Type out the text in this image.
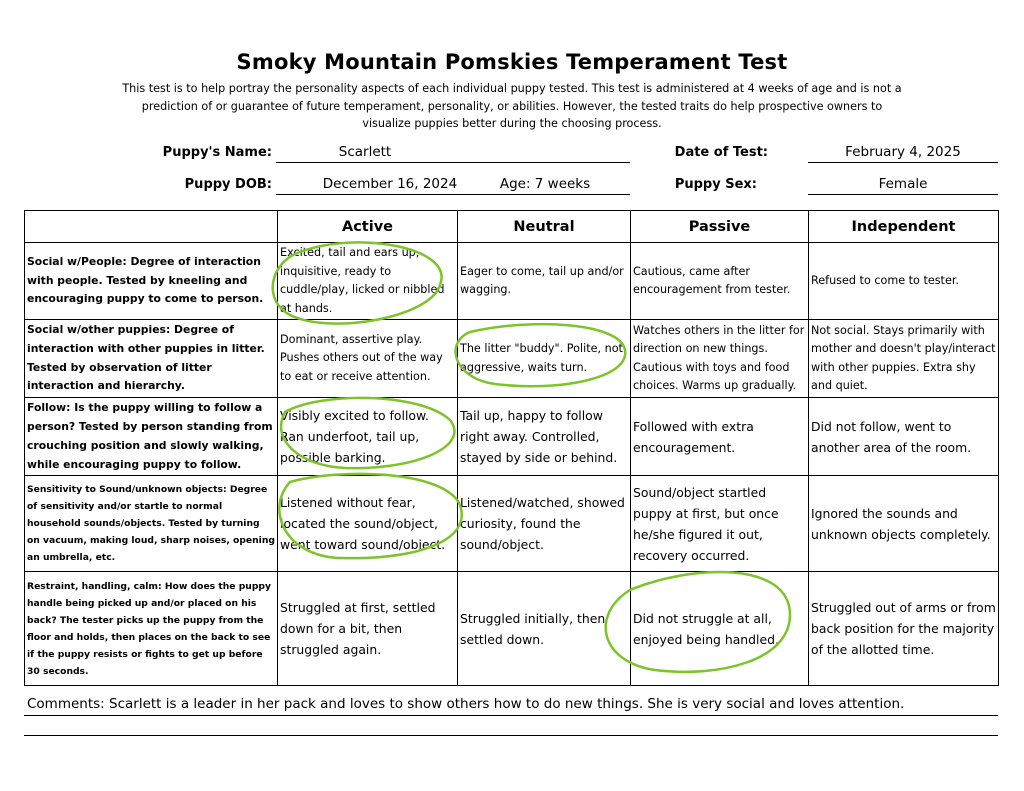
Smoky Mountain Pomskies Temperament Test
This test is to help portray the personality aspects of each individual puppy tested. This test is administered at 4 weeks of age and is not a prediction of or guarantee of future temperament, personality, or abilities. However, the tested traits do help prospective owners to visualize puppies better during the choosing process.
Puppy's Name:	Scarlett	Date of Test:	February 4, 2025
Puppy DOB:	December 16, 2024	Age: 7 weeks	Puppy Sex:	Female
	Active	Neutral	Passive	Independent
Social w/People: Degree of interaction with people. Tested by kneeling and encouraging puppy to come to person.	Excited, tail and ears up, inquisitive, ready to cuddle/play, licked or nibbled at hands.	Eager to come, tail up and/or wagging.	Cautious, came after encouragement from tester.	Refused to come to tester.
Social w/other puppies: Degree of interaction with other puppies in litter. Tested by observation of litter interaction and hierarchy.	Dominant, assertive play. Pushes others out of the way to eat or receive attention.	The litter "buddy". Polite, not aggressive, waits turn.	Watches others in the litter for direction on new things. Cautious with toys and food choices. Warms up gradually.	Not social. Stays primarily with mother and doesn't play/interact with other puppies. Extra shy and quiet.
Follow: Is the puppy willing to follow a person? Tested by person standing from crouching position and slowly walking, while encouraging puppy to follow.	Visibly excited to follow. Ran underfoot, tail up, possible barking.	Tail up, happy to follow right away. Controlled, stayed by side or behind.	Followed with extra encouragement.	Did not follow, went to another area of the room.
Sensitivity to Sound/unknown objects: Degree of sensitivity and/or startle to normal household sounds/objects. Tested by turning on vacuum, making loud, sharp noises, opening an umbrella, etc.	Listened without fear, located the sound/object, went toward sound/object.	Listened/watched, showed curiosity, found the sound/object.	Sound/object startled puppy at first, but once he/she figured it out, recovery occurred.	Ignored the sounds and unknown objects completely.
Restraint, handling, calm: How does the puppy handle being picked up and/or placed on his back? The tester picks up the puppy from the floor and holds, then places on the back to see if the puppy resists or fights to get up before 30 seconds.	Struggled at first, settled down for a bit, then struggled again.	Struggled initially, then settled down.	Did not struggle at all, enjoyed being handled.	Struggled out of arms or from back position for the majority of the allotted time.
Comments: Scarlett is a leader in her pack and loves to show others how to do new things. She is very social and loves attention.
